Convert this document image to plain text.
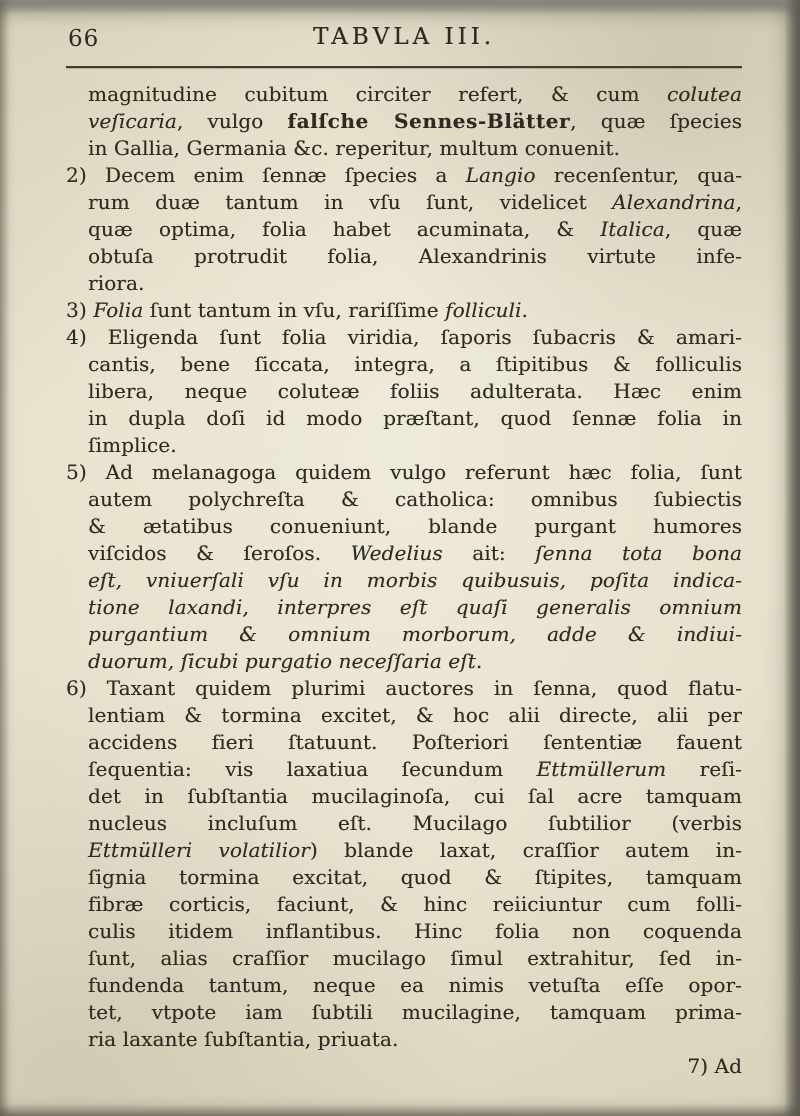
66	TABVLA III.
magnitudine cubitum circiter refert, & cum colutea
veſicaria, vulgo falſche Sennes-Blätter, quæ ſpecies
in Gallia, Germania &c. reperitur, multum conuenit.
2) Decem enim ſennæ ſpecies a Langio recenſentur, qua-
rum duæ tantum in vſu ſunt, videlicet Alexandrina,
quæ optima, folia habet acuminata, & Italica, quæ
obtuſa protrudit folia, Alexandrinis virtute infe-
riora.
3) Folia ſunt tantum in vſu, rariſſime folliculi.
4) Eligenda ſunt folia viridia, ſaporis ſubacris & amari-
cantis, bene ſiccata, integra, a ſtipitibus & folliculis
libera, neque coluteæ foliis adulterata. Hæc enim
in dupla doſi id modo præſtant, quod ſennæ folia in
ſimplice.
5) Ad melanagoga quidem vulgo referunt hæc folia, ſunt
autem polychreſta & catholica: omnibus ſubiectis
& ætatibus conueniunt, blande purgant humores
viſcidos & ſeroſos. Wedelius ait: ſenna tota bona
eſt, vniuerſali vſu in morbis quibusuis, poſita indica-
tione laxandi, interpres eſt quaſi generalis omnium
purgantium & omnium morborum, adde & indiui-
duorum, ſicubi purgatio neceſſaria eſt.
6) Taxant quidem plurimi auctores in ſenna, quod flatu-
lentiam & tormina excitet, & hoc alii directe, alii per
accidens fieri ſtatuunt. Poſteriori ſententiæ fauent
ſequentia: vis laxatiua ſecundum Ettmüllerum reſi-
det in ſubſtantia mucilaginoſa, cui ſal acre tamquam
nucleus incluſum eſt. Mucilago ſubtilior (verbis
Ettmülleri volatilior) blande laxat, craſſior autem in-
ſignia tormina excitat, quod & ſtipites, tamquam
fibræ corticis, faciunt, & hinc reiiciuntur cum folli-
culis itidem inflantibus. Hinc folia non coquenda
ſunt, alias craſſior mucilago ſimul extrahitur, ſed in-
fundenda tantum, neque ea nimis vetuſta eſſe opor-
tet, vtpote iam ſubtili mucilagine, tamquam prima-
ria laxante ſubſtantia, priuata.
7) Ad
